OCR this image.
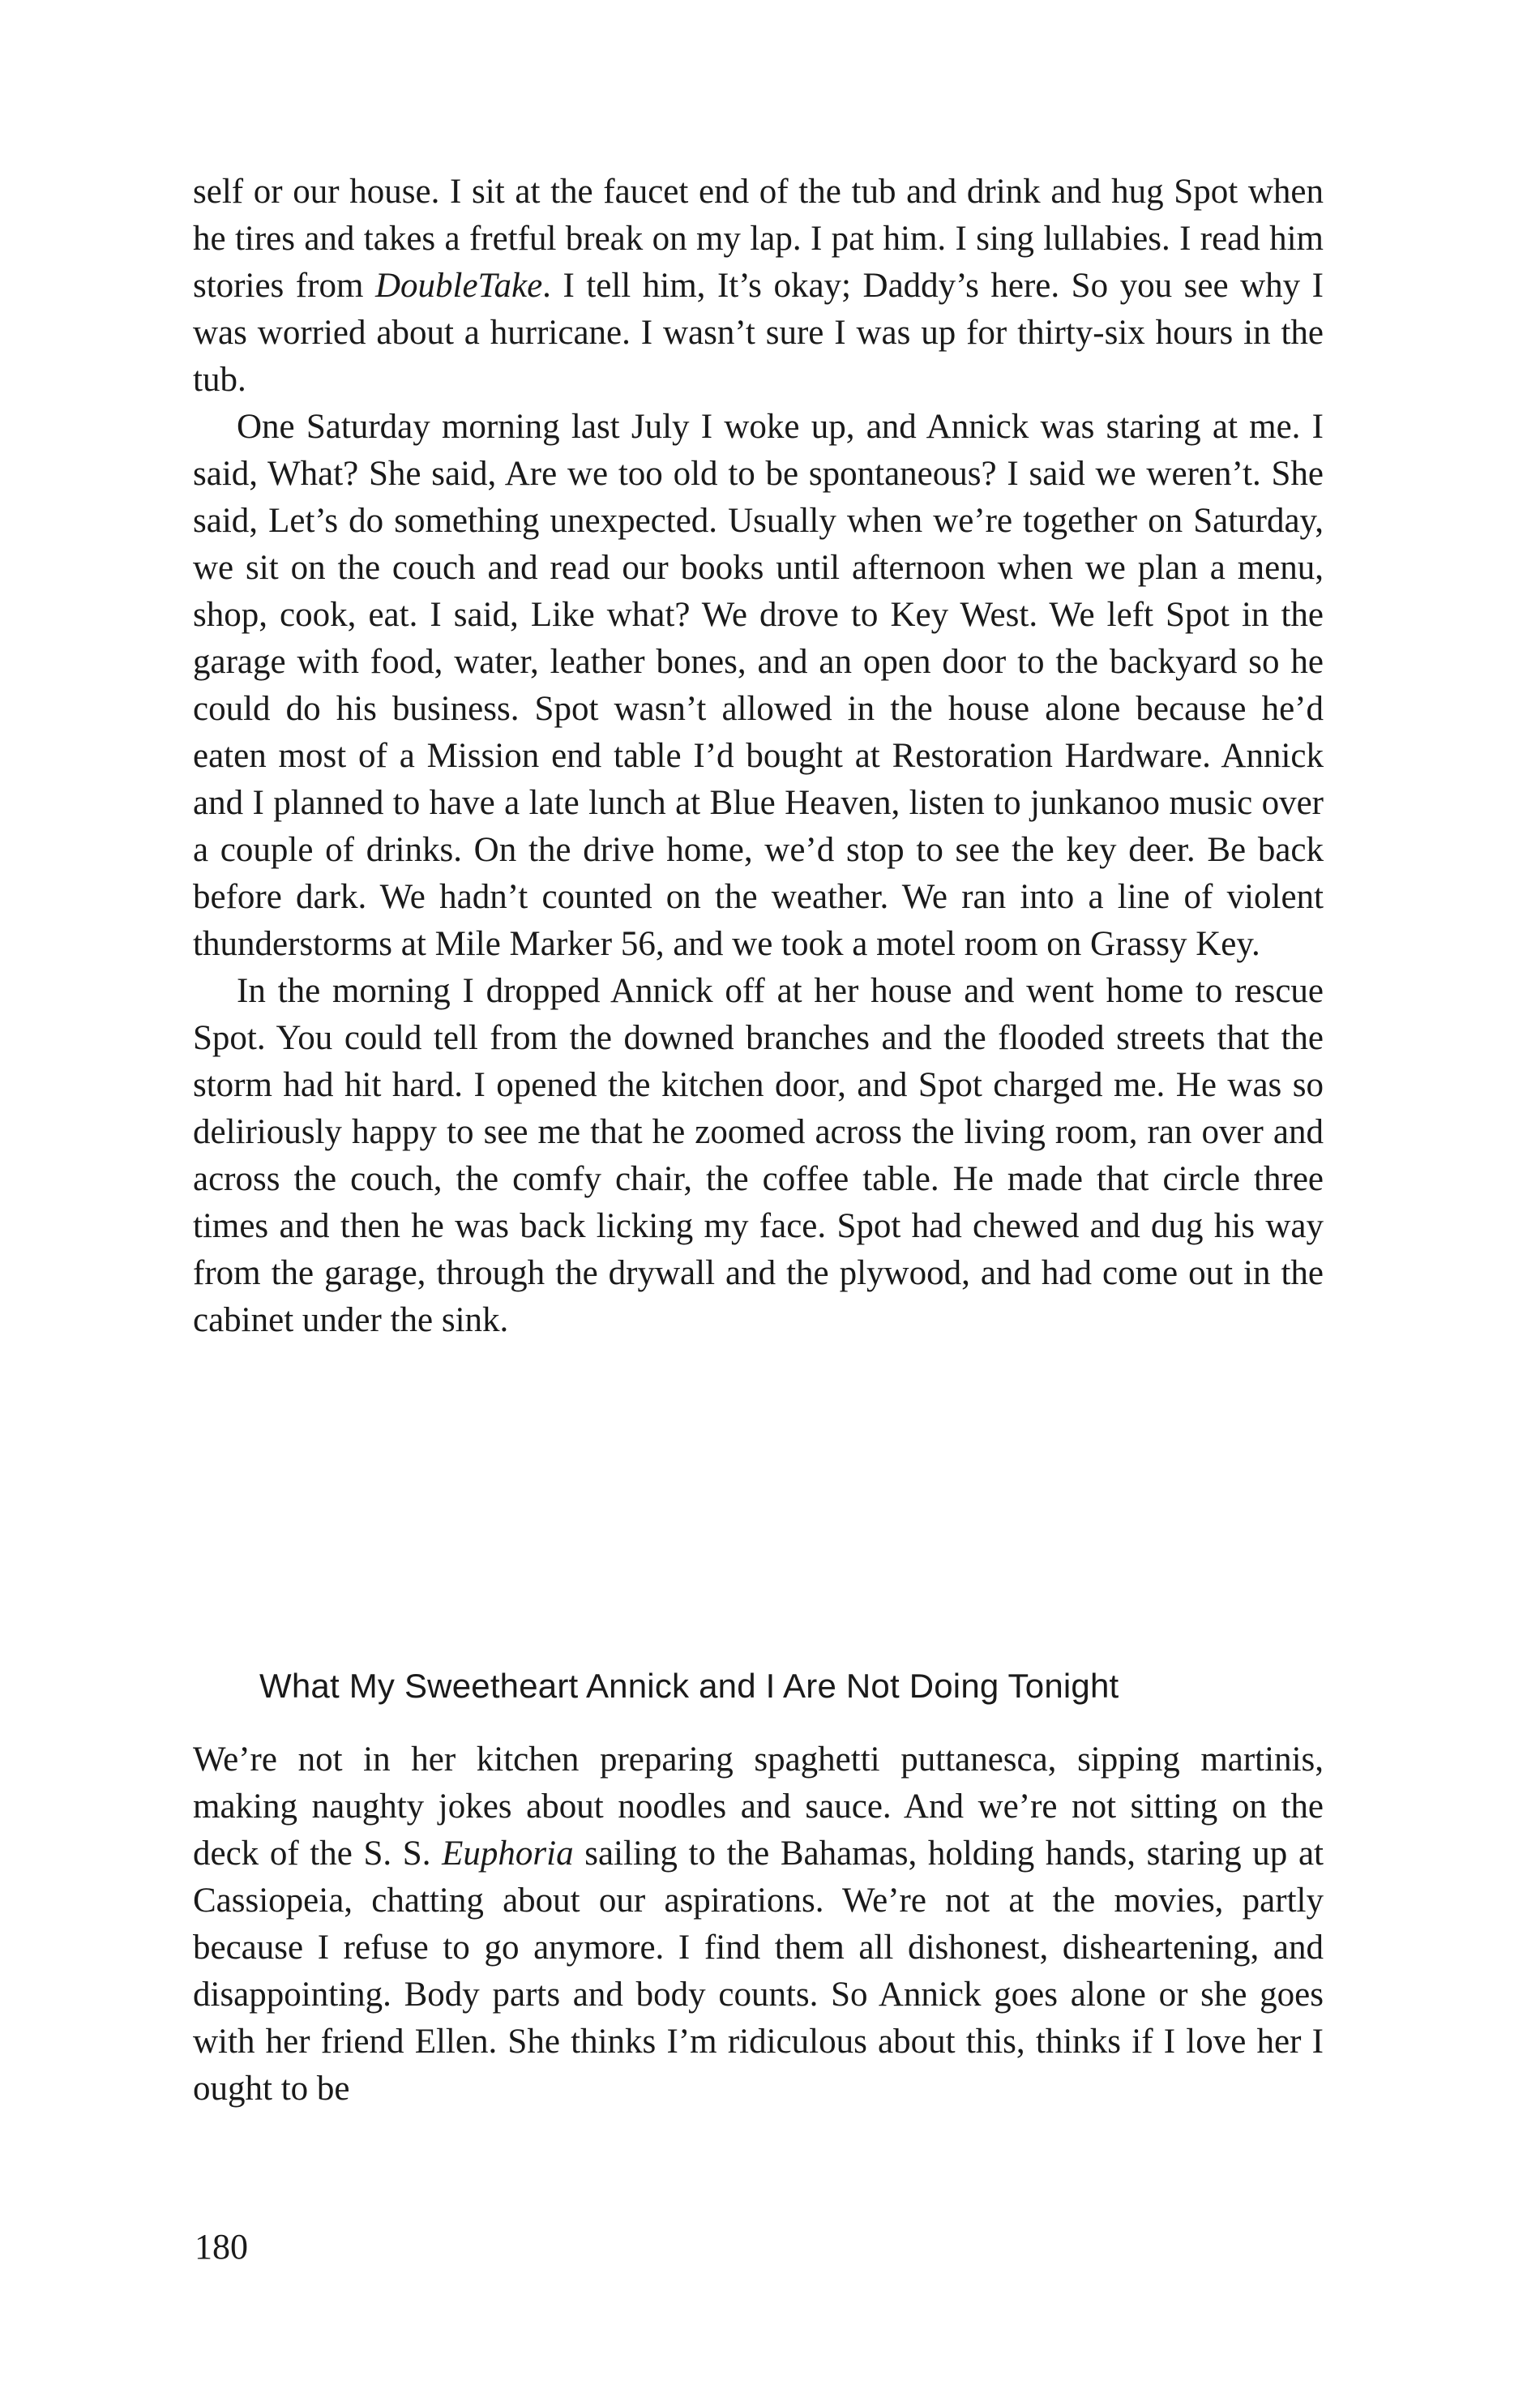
self or our house. I sit at the faucet end of the tub and drink and hug Spot when he tires and takes a fretful break on my lap. I pat him. I sing lullabies. I read him stories from DoubleTake. I tell him, It’s okay; Daddy’s here. So you see why I was worried about a hurricane. I wasn’t sure I was up for thirty-six hours in the tub.

One Saturday morning last July I woke up, and Annick was staring at me. I said, What? She said, Are we too old to be spontaneous? I said we weren’t. She said, Let’s do something unexpected. Usually when we’re together on Saturday, we sit on the couch and read our books until afternoon when we plan a menu, shop, cook, eat. I said, Like what? We drove to Key West. We left Spot in the garage with food, water, leather bones, and an open door to the backyard so he could do his business. Spot wasn’t allowed in the house alone because he’d eaten most of a Mission end table I’d bought at Restoration Hardware. Annick and I planned to have a late lunch at Blue Heaven, listen to junkanoo music over a couple of drinks. On the drive home, we’d stop to see the key deer. Be back before dark. We hadn’t counted on the weather. We ran into a line of violent thunderstorms at Mile Marker 56, and we took a motel room on Grassy Key.

In the morning I dropped Annick off at her house and went home to rescue Spot. You could tell from the downed branches and the flooded streets that the storm had hit hard. I opened the kitchen door, and Spot charged me. He was so deliriously happy to see me that he zoomed across the living room, ran over and across the couch, the comfy chair, the coffee table. He made that circle three times and then he was back licking my face. Spot had chewed and dug his way from the garage, through the drywall and the plywood, and had come out in the cabinet under the sink.

What My Sweetheart Annick and I Are Not Doing Tonight

We’re not in her kitchen preparing spaghetti puttanesca, sipping martinis, making naughty jokes about noodles and sauce. And we’re not sitting on the deck of the S. S. Euphoria sailing to the Bahamas, holding hands, staring up at Cassiopeia, chatting about our aspirations. We’re not at the movies, partly because I refuse to go anymore. I find them all dishonest, disheartening, and disappointing. Body parts and body counts. So Annick goes alone or she goes with her friend Ellen. She thinks I’m ridiculous about this, thinks if I love her I ought to be

180
